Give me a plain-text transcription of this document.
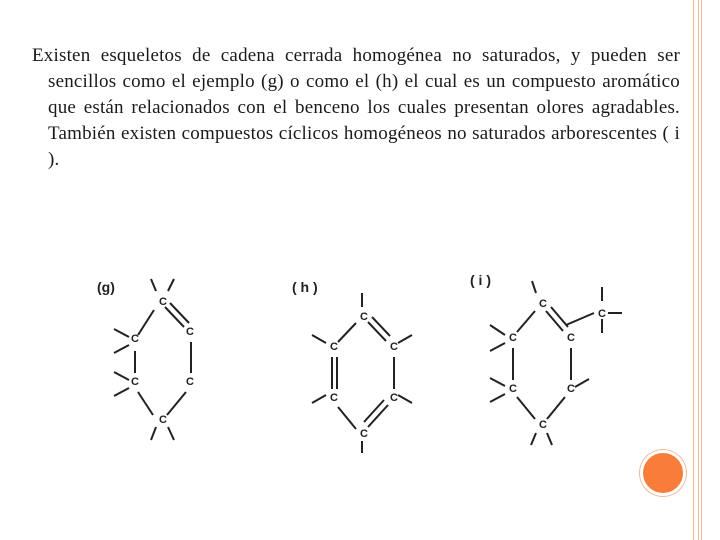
Existen esqueletos de cadena cerrada homogénea no saturados, y pueden ser sencillos como el ejemplo (g) o como el (h) el cual es un compuesto aromático que están relacionados con el benceno los cuales presentan olores agradables. También existen compuestos cíclicos homogéneos no saturados arborescentes ( i ).
(g)
C
C
C
C
C
C
( h )
C
C
C
C
C
C
( i )
C
C
C
C
C
C
C
